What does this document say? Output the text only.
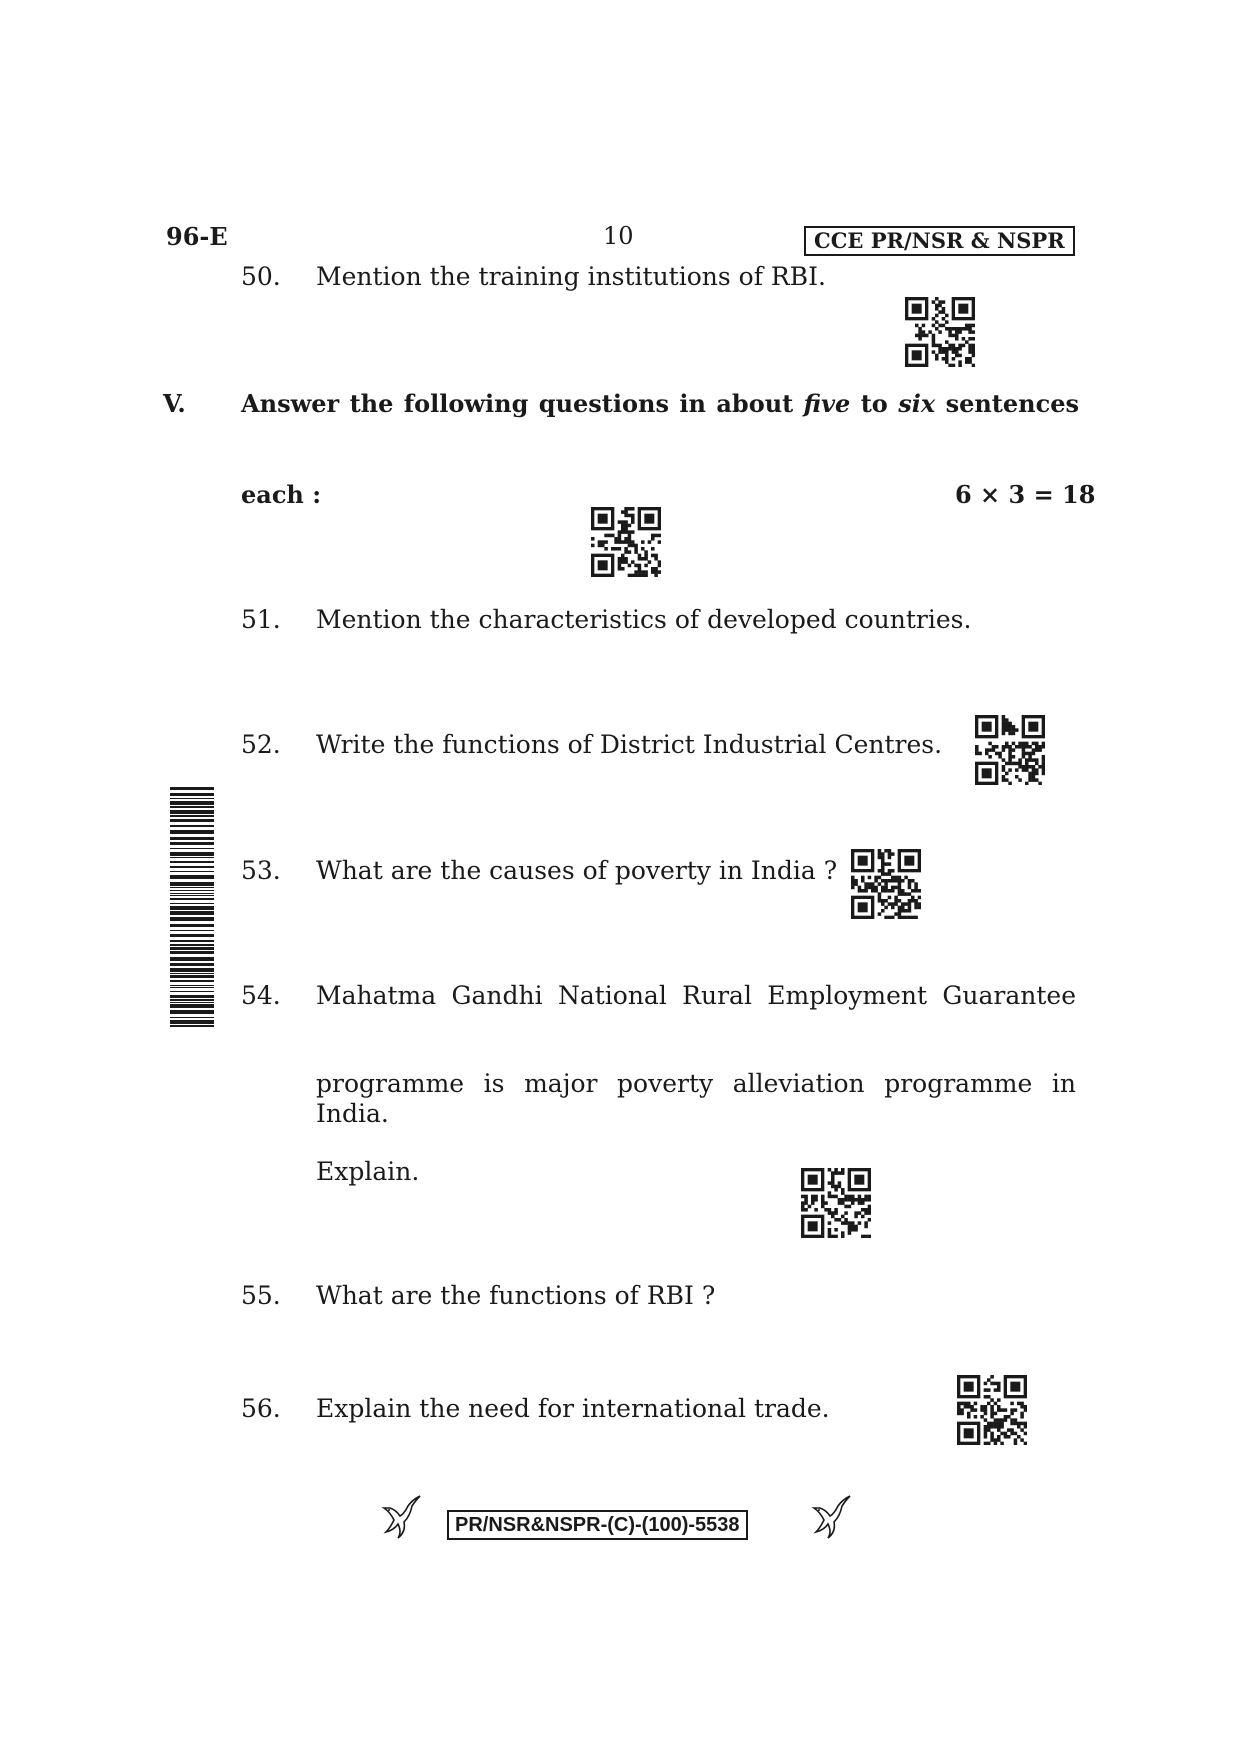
96-E	10	CCE PR/NSR & NSPR
50.	Mention the training institutions of RBI.
V. Answer the following questions in about five to six sentences
each :	6 × 3 = 18
51.	Mention the characteristics of developed countries.
52.	Write the functions of District Industrial Centres.
53.	What are the causes of poverty in India ?
54.	Mahatma Gandhi National Rural Employment Guarantee
programme is major poverty alleviation programme in India.
Explain.
55.	What are the functions of RBI ?
56.	Explain the need for international trade.
PR/NSR&NSPR-(C)-(100)-5538
